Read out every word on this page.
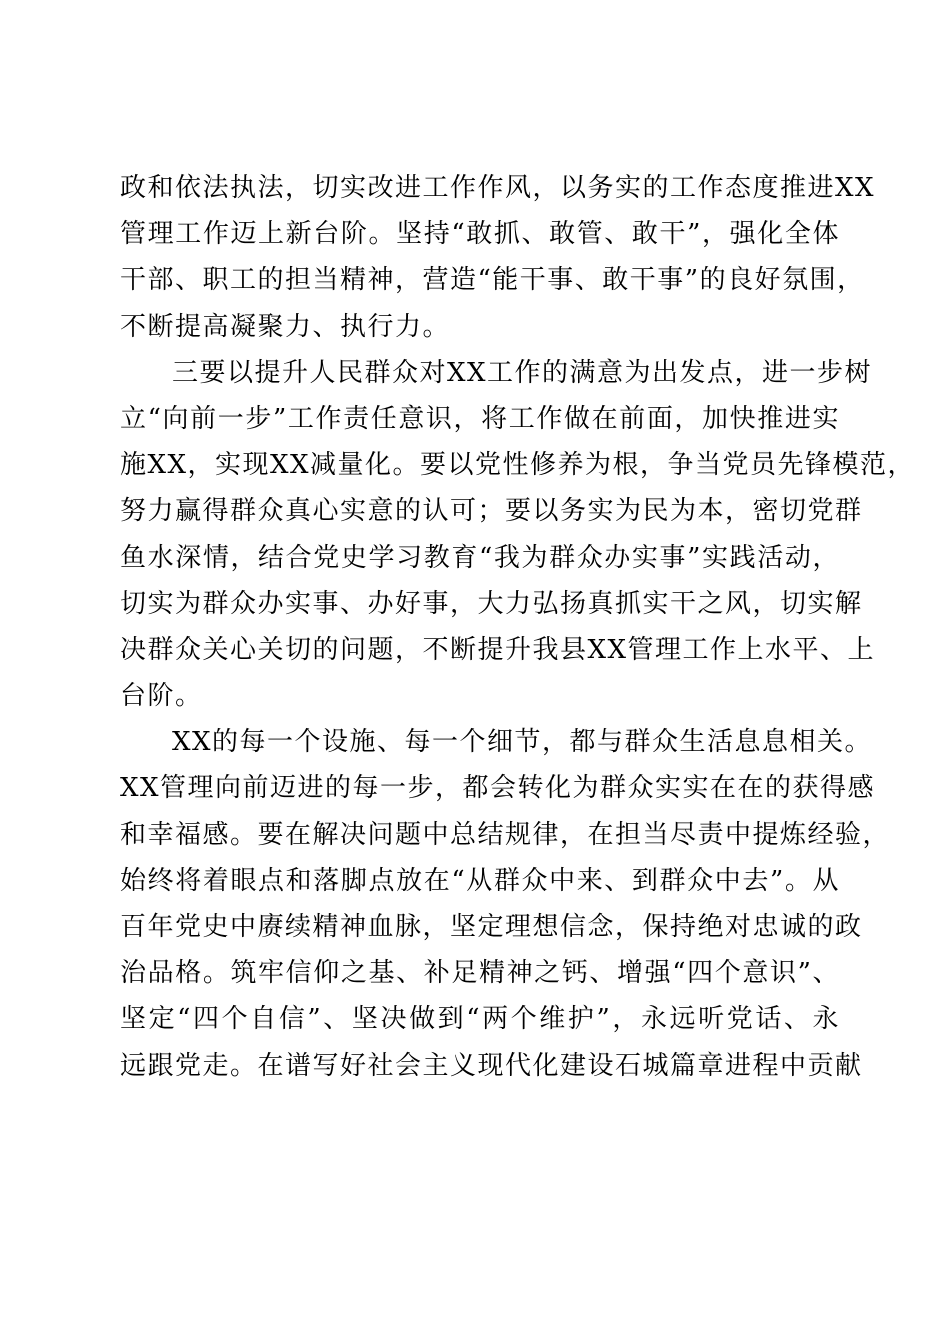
政和依法执法，切实改进工作作风，以务实的工作态度推进XX
管理工作迈上新台阶。坚持“敢抓、敢管、敢干”，强化全体
干部、职工的担当精神，营造“能干事、敢干事”的良好氛围，
不断提高凝聚力、执行力。
三要以提升人民群众对XX工作的满意为出发点，进一步树
立“向前一步”工作责任意识，将工作做在前面，加快推进实
施XX，实现XX减量化。要以党性修养为根，争当党员先锋模范，
努力赢得群众真心实意的认可；要以务实为民为本，密切党群
鱼水深情，结合党史学习教育“我为群众办实事”实践活动，
切实为群众办实事、办好事，大力弘扬真抓实干之风，切实解
决群众关心关切的问题，不断提升我县XX管理工作上水平、上
台阶。
XX的每一个设施、每一个细节，都与群众生活息息相关。
XX管理向前迈进的每一步，都会转化为群众实实在在的获得感
和幸福感。要在解决问题中总结规律，在担当尽责中提炼经验，
始终将着眼点和落脚点放在“从群众中来、到群众中去”。从
百年党史中赓续精神血脉，坚定理想信念，保持绝对忠诚的政
治品格。筑牢信仰之基、补足精神之钙、增强“四个意识”、
坚定“四个自信”、坚决做到“两个维护”，永远听党话、永
远跟党走。在谱写好社会主义现代化建设石城篇章进程中贡献
